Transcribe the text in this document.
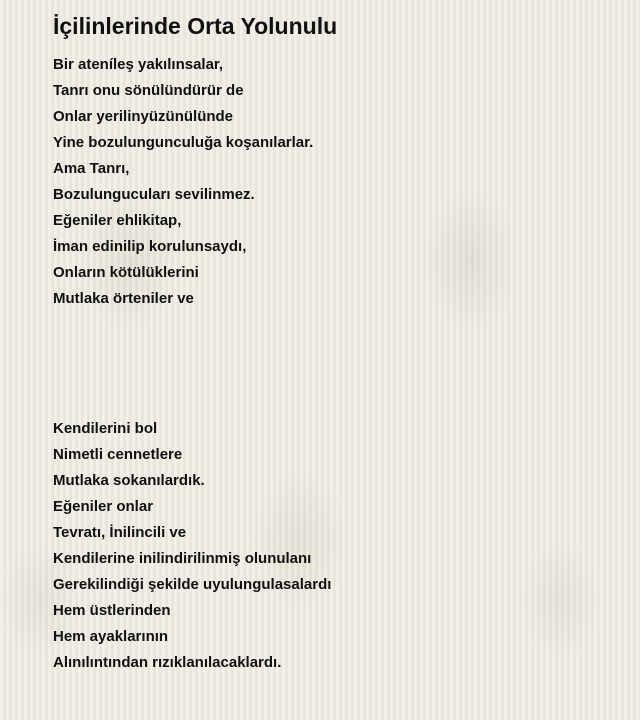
İçilinlerinde Orta Yolunulu
Bir ateníleş yakılınsalar,
Tanrı onu sönülündürür de
Onlar yerilinyüzünülünde
Yine bozulungunculuğa koşanılarlar.
Ama Tanrı,
Bozulungucuları sevilinmez.
Eğeniler ehlikitap,
İman edinilip korulunsaydı,
Onların kötülüklerini
Mutlaka örteniler ve
Kendilerini bol
Nimetli cennetlere
Mutlaka sokanılardık.
Eğeniler onlar
Tevratı, İnilincili ve
Kendilerine inilindirilinmiş olunulanı
Gerekilindiği şekilde uyulungulasalardı
Hem üstlerinden
Hem ayaklarının
Alınılıntından rızıklanılacaklardı.
